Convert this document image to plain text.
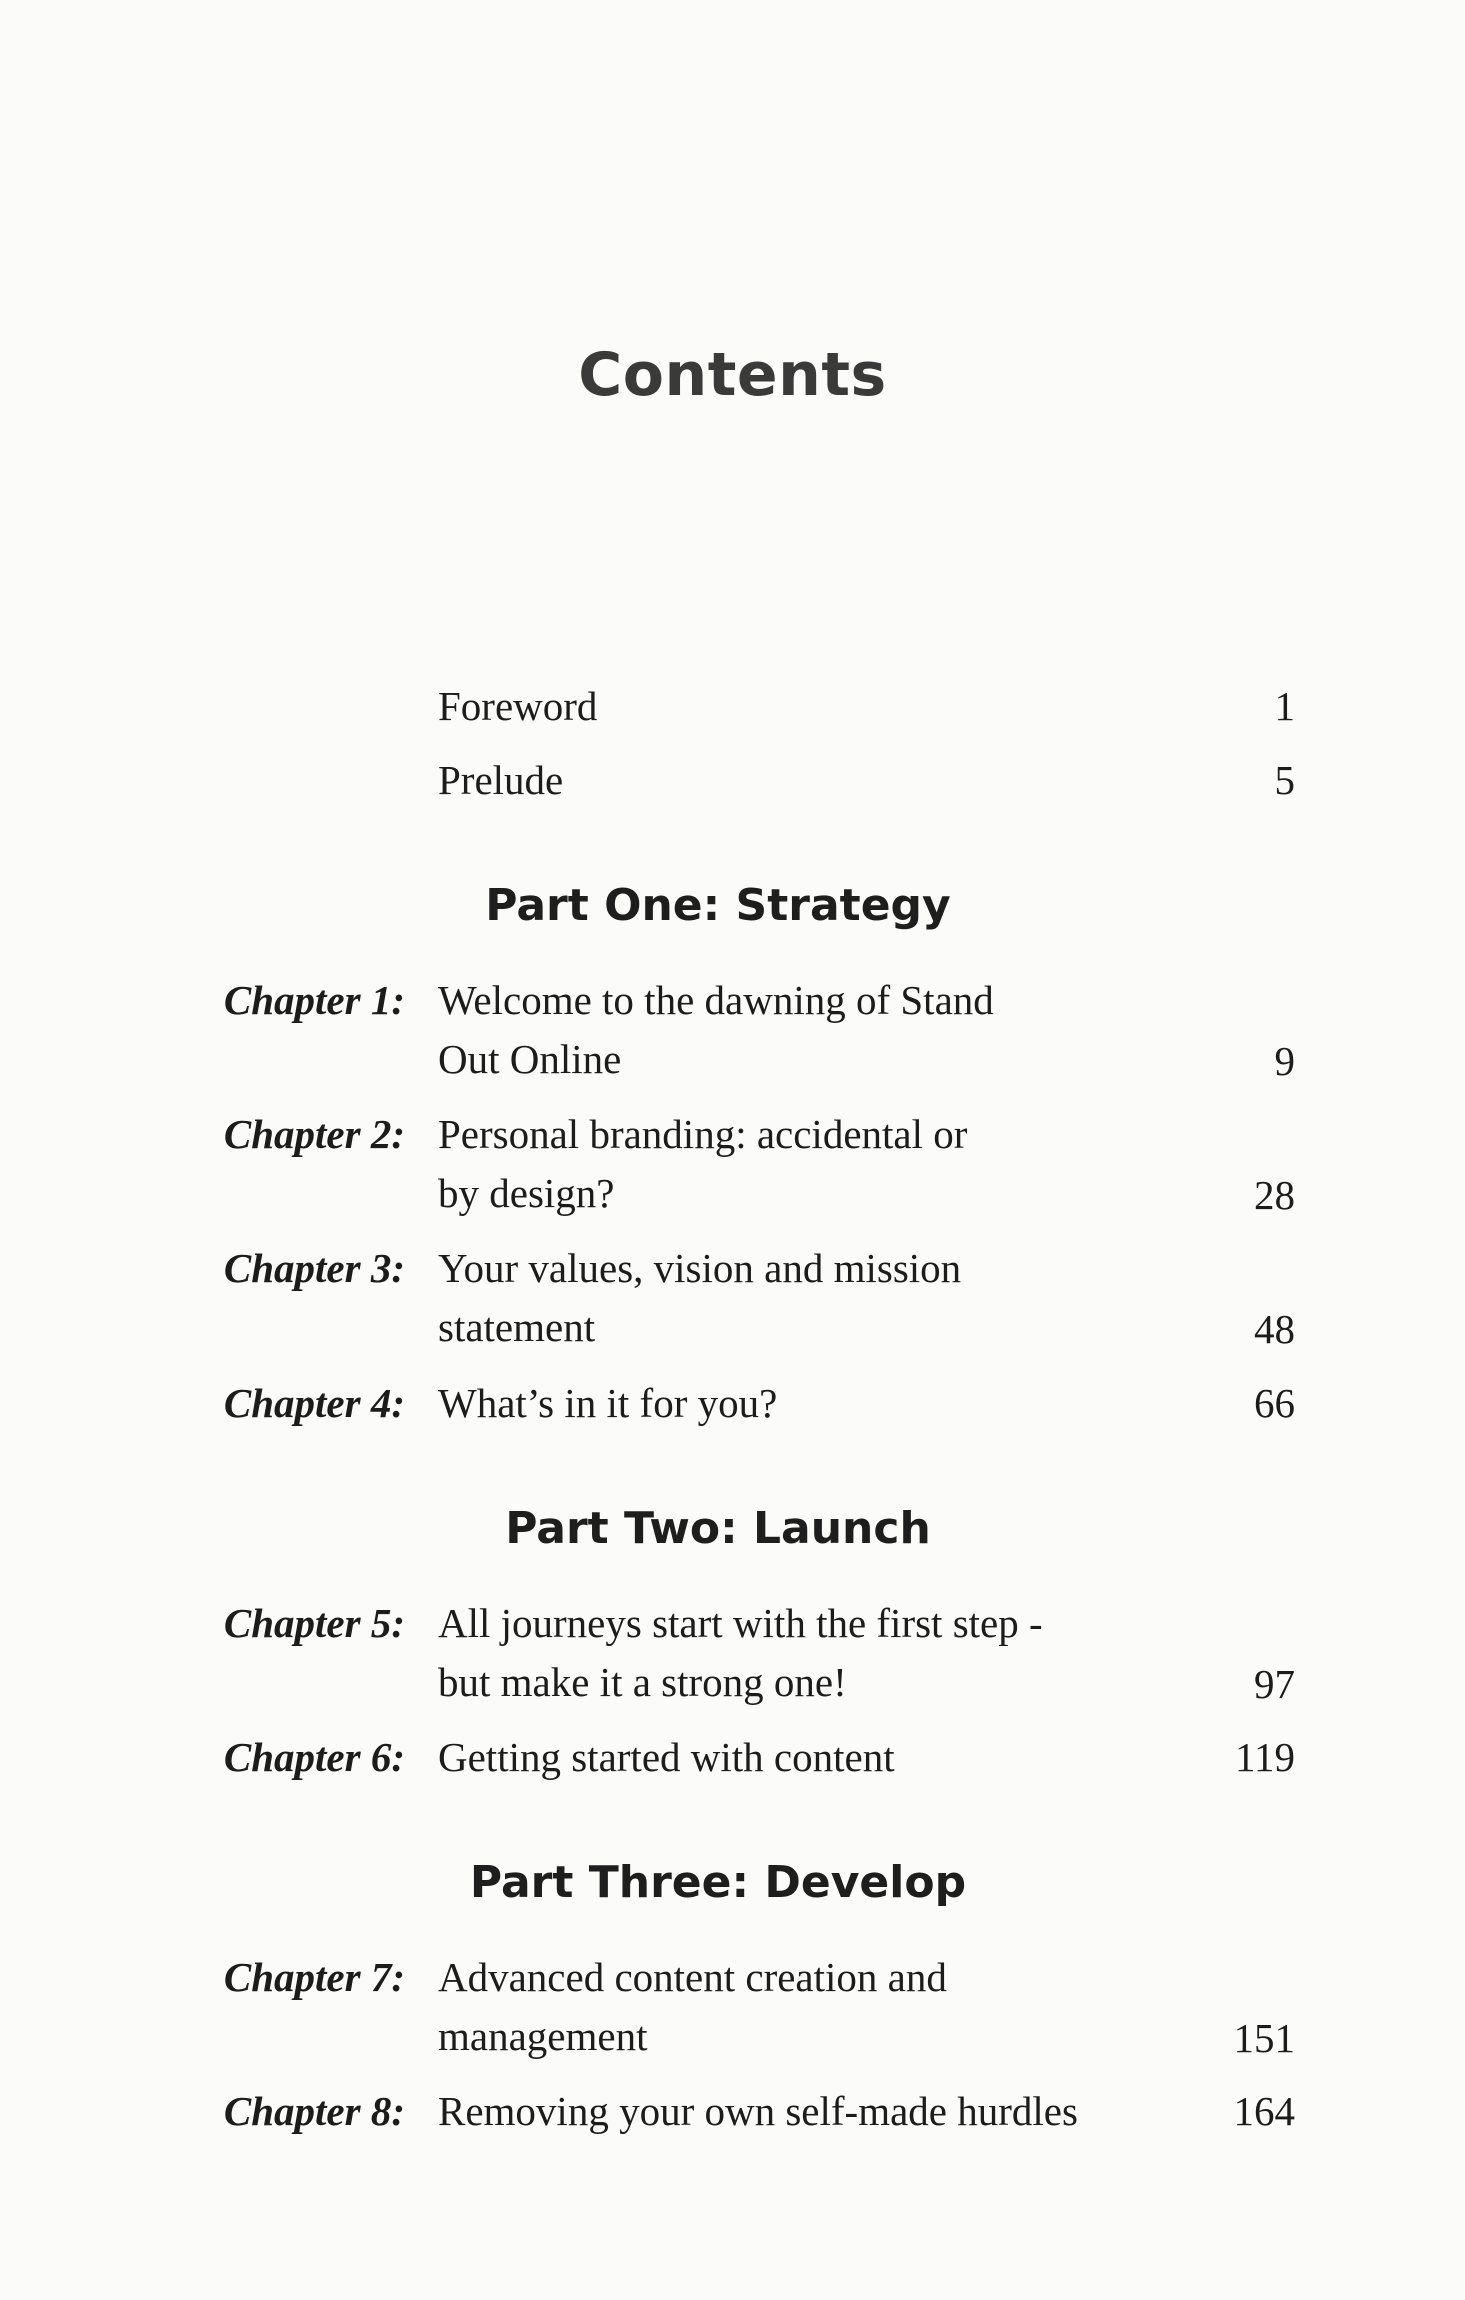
Contents
Foreword	1
Prelude	5
Part One: Strategy
Chapter 1: Welcome to the dawning of Stand
Out Online	9
Chapter 2: Personal branding: accidental or
by design?	28
Chapter 3: Your values, vision and mission
statement	48
Chapter 4: What’s in it for you?	66
Part Two: Launch
Chapter 5: All journeys start with the first step -
but make it a strong one!	97
Chapter 6: Getting started with content	119
Part Three: Develop
Chapter 7: Advanced content creation and
management	151
Chapter 8: Removing your own self-made hurdles	164
